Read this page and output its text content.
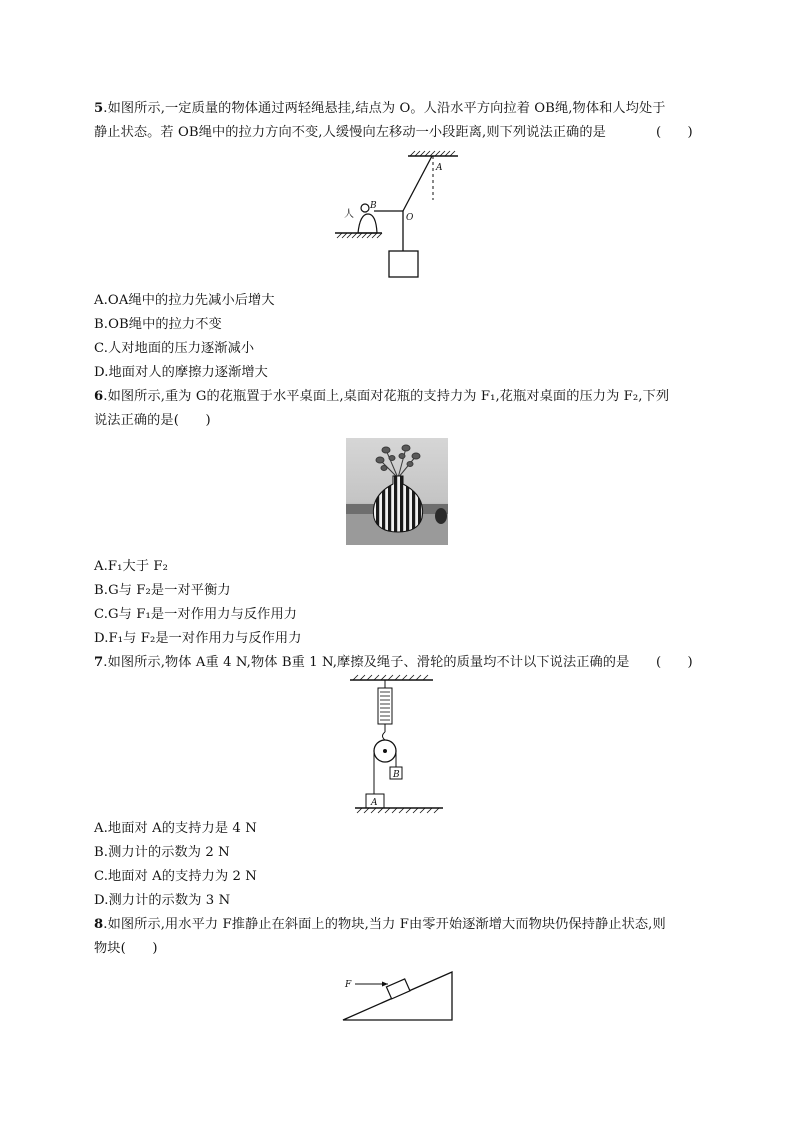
5.如图所示,一定质量的物体通过两轻绳悬挂,结点为 O。人沿水平方向拉着 OB绳,物体和人均处于
静止状态。若 OB绳中的拉力方向不变,人缓慢向左移动一小段距离,则下列说法正确的是	(　　)
A
B
O
人
A.OA绳中的拉力先减小后增大
B.OB绳中的拉力不变
C.人对地面的压力逐渐减小
D.地面对人的摩擦力逐渐增大
6.如图所示,重为 G的花瓶置于水平桌面上,桌面对花瓶的支持力为 F₁,花瓶对桌面的压力为 F₂,下列
说法正确的是(　　)
A.F₁大于 F₂
B.G与 F₂是一对平衡力
C.G与 F₁是一对作用力与反作用力
D.F₁与 F₂是一对作用力与反作用力
7.如图所示,物体 A重 4 N,物体 B重 1 N,摩擦及绳子、滑轮的质量均不计以下说法正确的是 (　　)
B
A
A.地面对 A的支持力是 4 N
B.测力计的示数为 2 N
C.地面对 A的支持力为 2 N
D.测力计的示数为 3 N
8.如图所示,用水平力 F推静止在斜面上的物块,当力 F由零开始逐渐增大而物块仍保持静止状态,则
物块(　　)
F
